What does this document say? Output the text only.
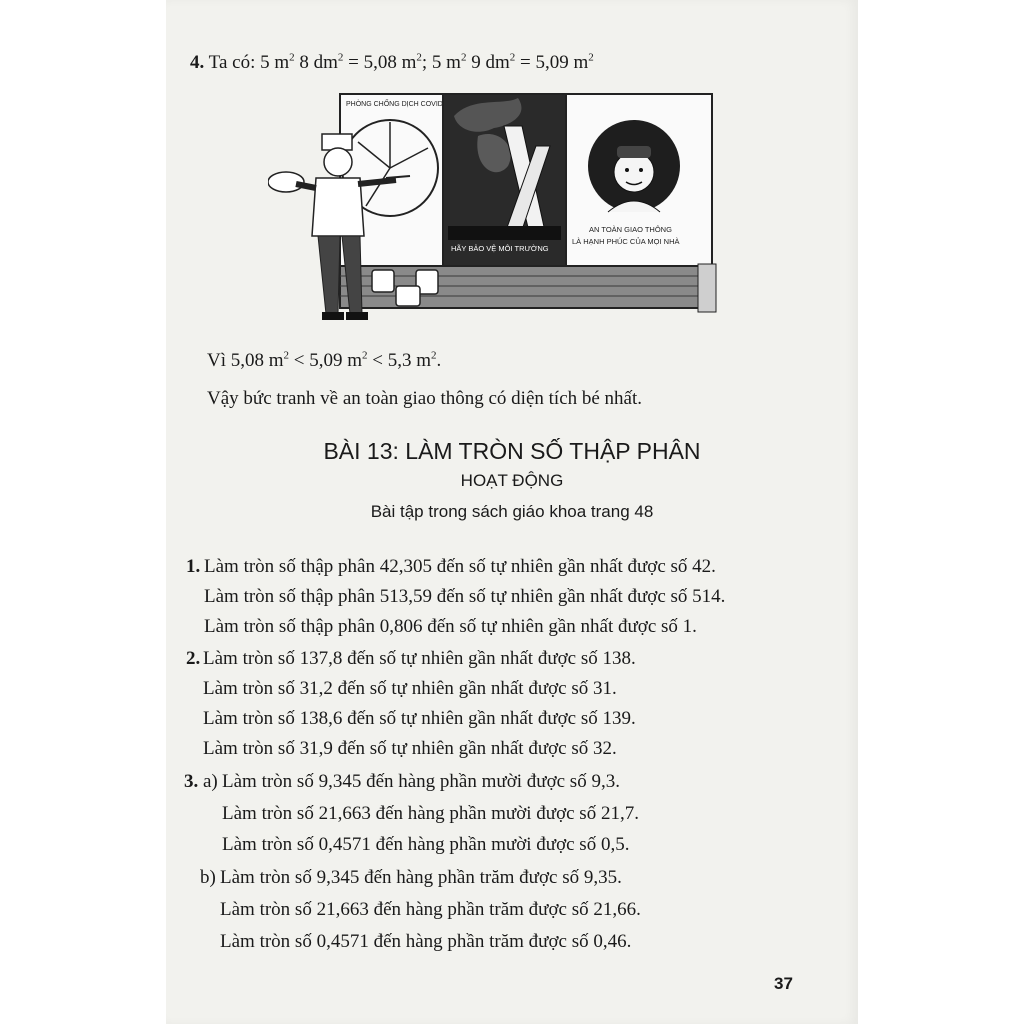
4. Ta có: 5 $m^2$ 8 $dm^2 = 5,08$ $m^2$; 5 $m^2$ 9 $dm^2 = 5,09$ $m^2$
PHÒNG CHỐNG DỊCH COVID
HÃY BẢO VỆ MÔI TRƯỜNG
AN TOÀN GIAO THÔNG
LÀ HẠNH PHÚC CỦA MỌI NHÀ
Vì 5,08 $m^2 < 5,09$ $m^2 < 5,3$ $m^2$.
Vậy bức tranh về an toàn giao thông có diện tích bé nhất.
BÀI 13: LÀM TRÒN SỐ THẬP PHÂN
HOẠT ĐỘNG
Bài tập trong sách giáo khoa trang 48
1. Làm tròn số thập phân 42,305 đến số tự nhiên gần nhất được số 42.
Làm tròn số thập phân 513,59 đến số tự nhiên gần nhất được số 514.
Làm tròn số thập phân 0,806 đến số tự nhiên gần nhất được số 1.
2. Làm tròn số 137,8 đến số tự nhiên gần nhất được số 138.
Làm tròn số 31,2 đến số tự nhiên gần nhất được số 31.
Làm tròn số 138,6 đến số tự nhiên gần nhất được số 139.
Làm tròn số 31,9 đến số tự nhiên gần nhất được số 32.
3. a) Làm tròn số 9,345 đến hàng phần mười được số 9,3.
Làm tròn số 21,663 đến hàng phần mười được số 21,7.
Làm tròn số 0,4571 đến hàng phần mười được số 0,5.
b) Làm tròn số 9,345 đến hàng phần trăm được số 9,35.
Làm tròn số 21,663 đến hàng phần trăm được số 21,66.
Làm tròn số 0,4571 đến hàng phần trăm được số 0,46.
37
